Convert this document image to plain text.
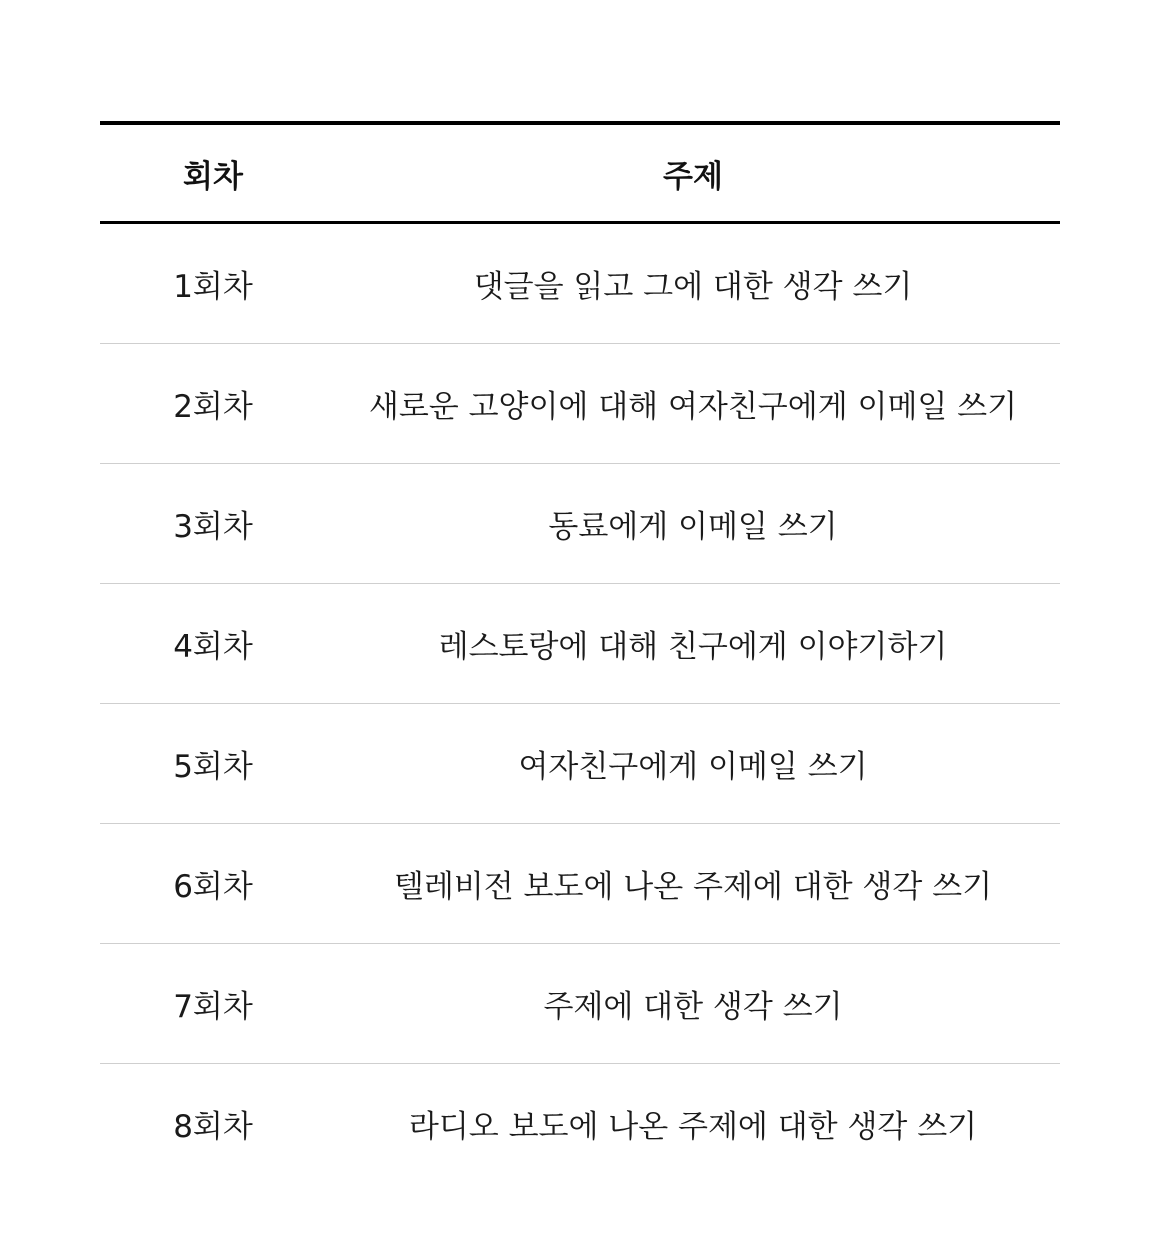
회차	주제
1회차	댓글을 읽고 그에 대한 생각 쓰기
2회차	새로운 고양이에 대해 여자친구에게 이메일 쓰기
3회차	동료에게 이메일 쓰기
4회차	레스토랑에 대해 친구에게 이야기하기
5회차	여자친구에게 이메일 쓰기
6회차	텔레비전 보도에 나온 주제에 대한 생각 쓰기
7회차	주제에 대한 생각 쓰기
8회차	라디오 보도에 나온 주제에 대한 생각 쓰기
